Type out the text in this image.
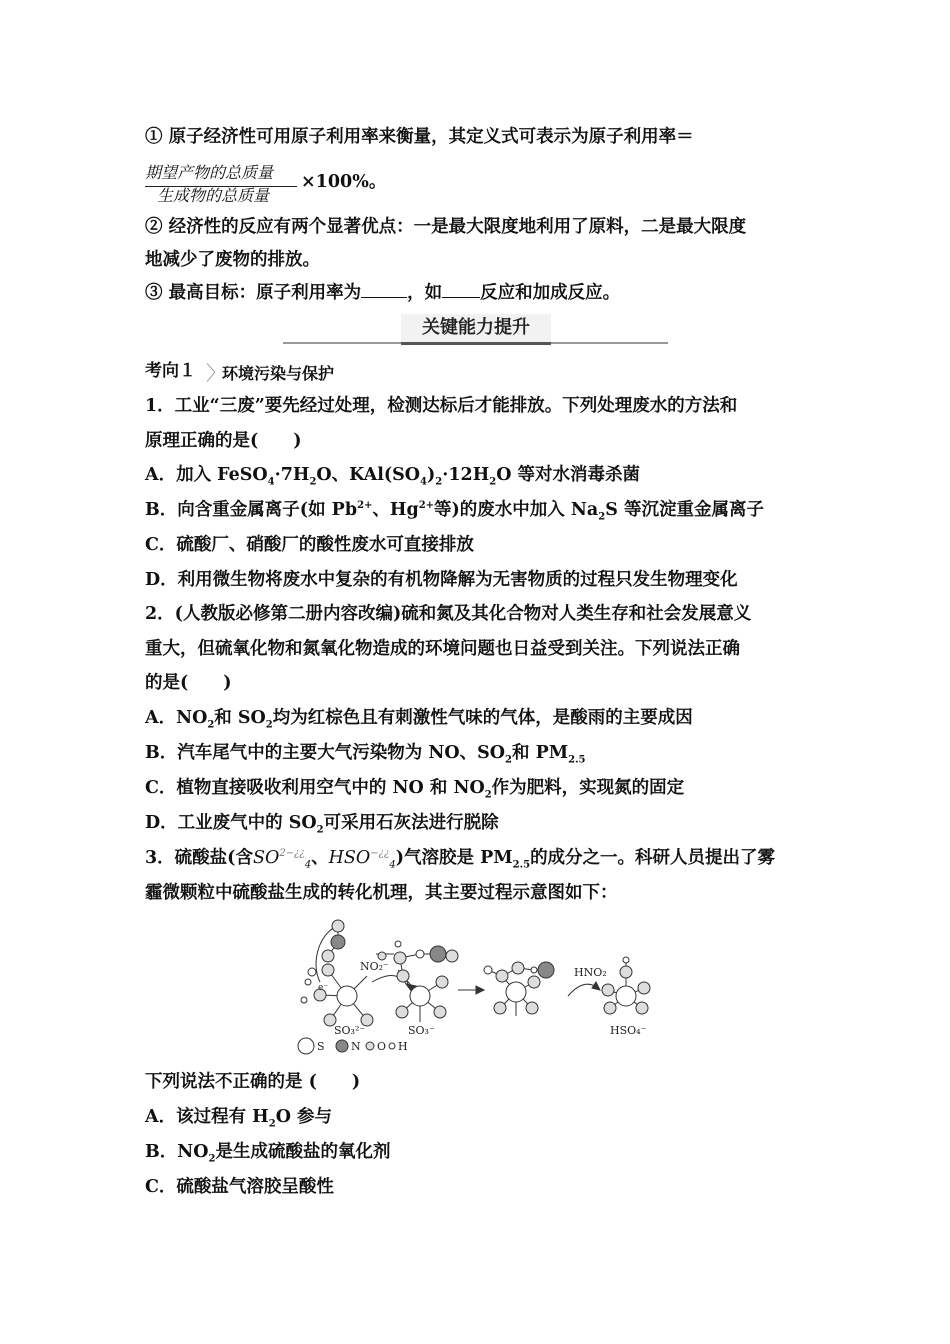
① 原子经济性可用原子利用率来衡量，其定义式可表示为原子利用率＝
期望产物的总质量
生成物的总质量
×100%。
② 经济性的反应有两个显著优点：一是最大限度地利用了原料，二是最大限度
地减少了废物的排放。
③ 最高目标：原子利用率为	，如 反应和加成反应。
关键能力提升
考向１ 〉
环境污染与保护
1．工业“三废”要先经过处理，检测达标后才能排放。下列处理废水的方法和
原理正确的是(　　)
A．加入 $FeSO_4\cdot 7H_2O$、$KAl(SO_4)_2\cdot 12H_2O$ 等对水消毒杀菌
B．向含重金属离子(如 $Pb^{2+}$、$Hg^{2+}$等)的废水中加入 $Na_2S$ 等沉淀重金属离子
C．硫酸厂、硝酸厂的酸性废水可直接排放
D．利用微生物将废水中复杂的有机物降解为无害物质的过程只发生物理变化
2．(人教版必修第二册内容改编)硫和氮及其化合物对人类生存和社会发展意义
重大，但硫氧化物和氮氧化物造成的环境问题也日益受到关注。下列说法正确
的是(　　)
A．$NO_2$和 $SO_2$均为红棕色且有刺激性气味的气体，是酸雨的主要成因
B．汽车尾气中的主要大气污染物为 NO、$SO_2$和 $PM_{2.5}$
C．植物直接吸收利用空气中的 NO 和 $NO_2$作为肥料，实现氮的固定
D．工业废气中的 $SO_2$可采用石灰法进行脱除
3．硫酸盐(含$SO^{2-¿¿}_4$、$HSO^{-¿¿}_4$)气溶胶是 $PM_{2.5}$的成分之一。科研人员提出了雾
霾微颗粒中硫酸盐生成的转化机理，其主要过程示意图如下：
NO₂⁻
e⁻
SO₃²⁻	SO₃⁻
HNO₂
HSO₄⁻
S N O H
下列说法不正确的是 (　　)
A．该过程有 $H_2O$ 参与
B．$NO_2$是生成硫酸盐的氧化剂
C．硫酸盐气溶胶呈酸性
